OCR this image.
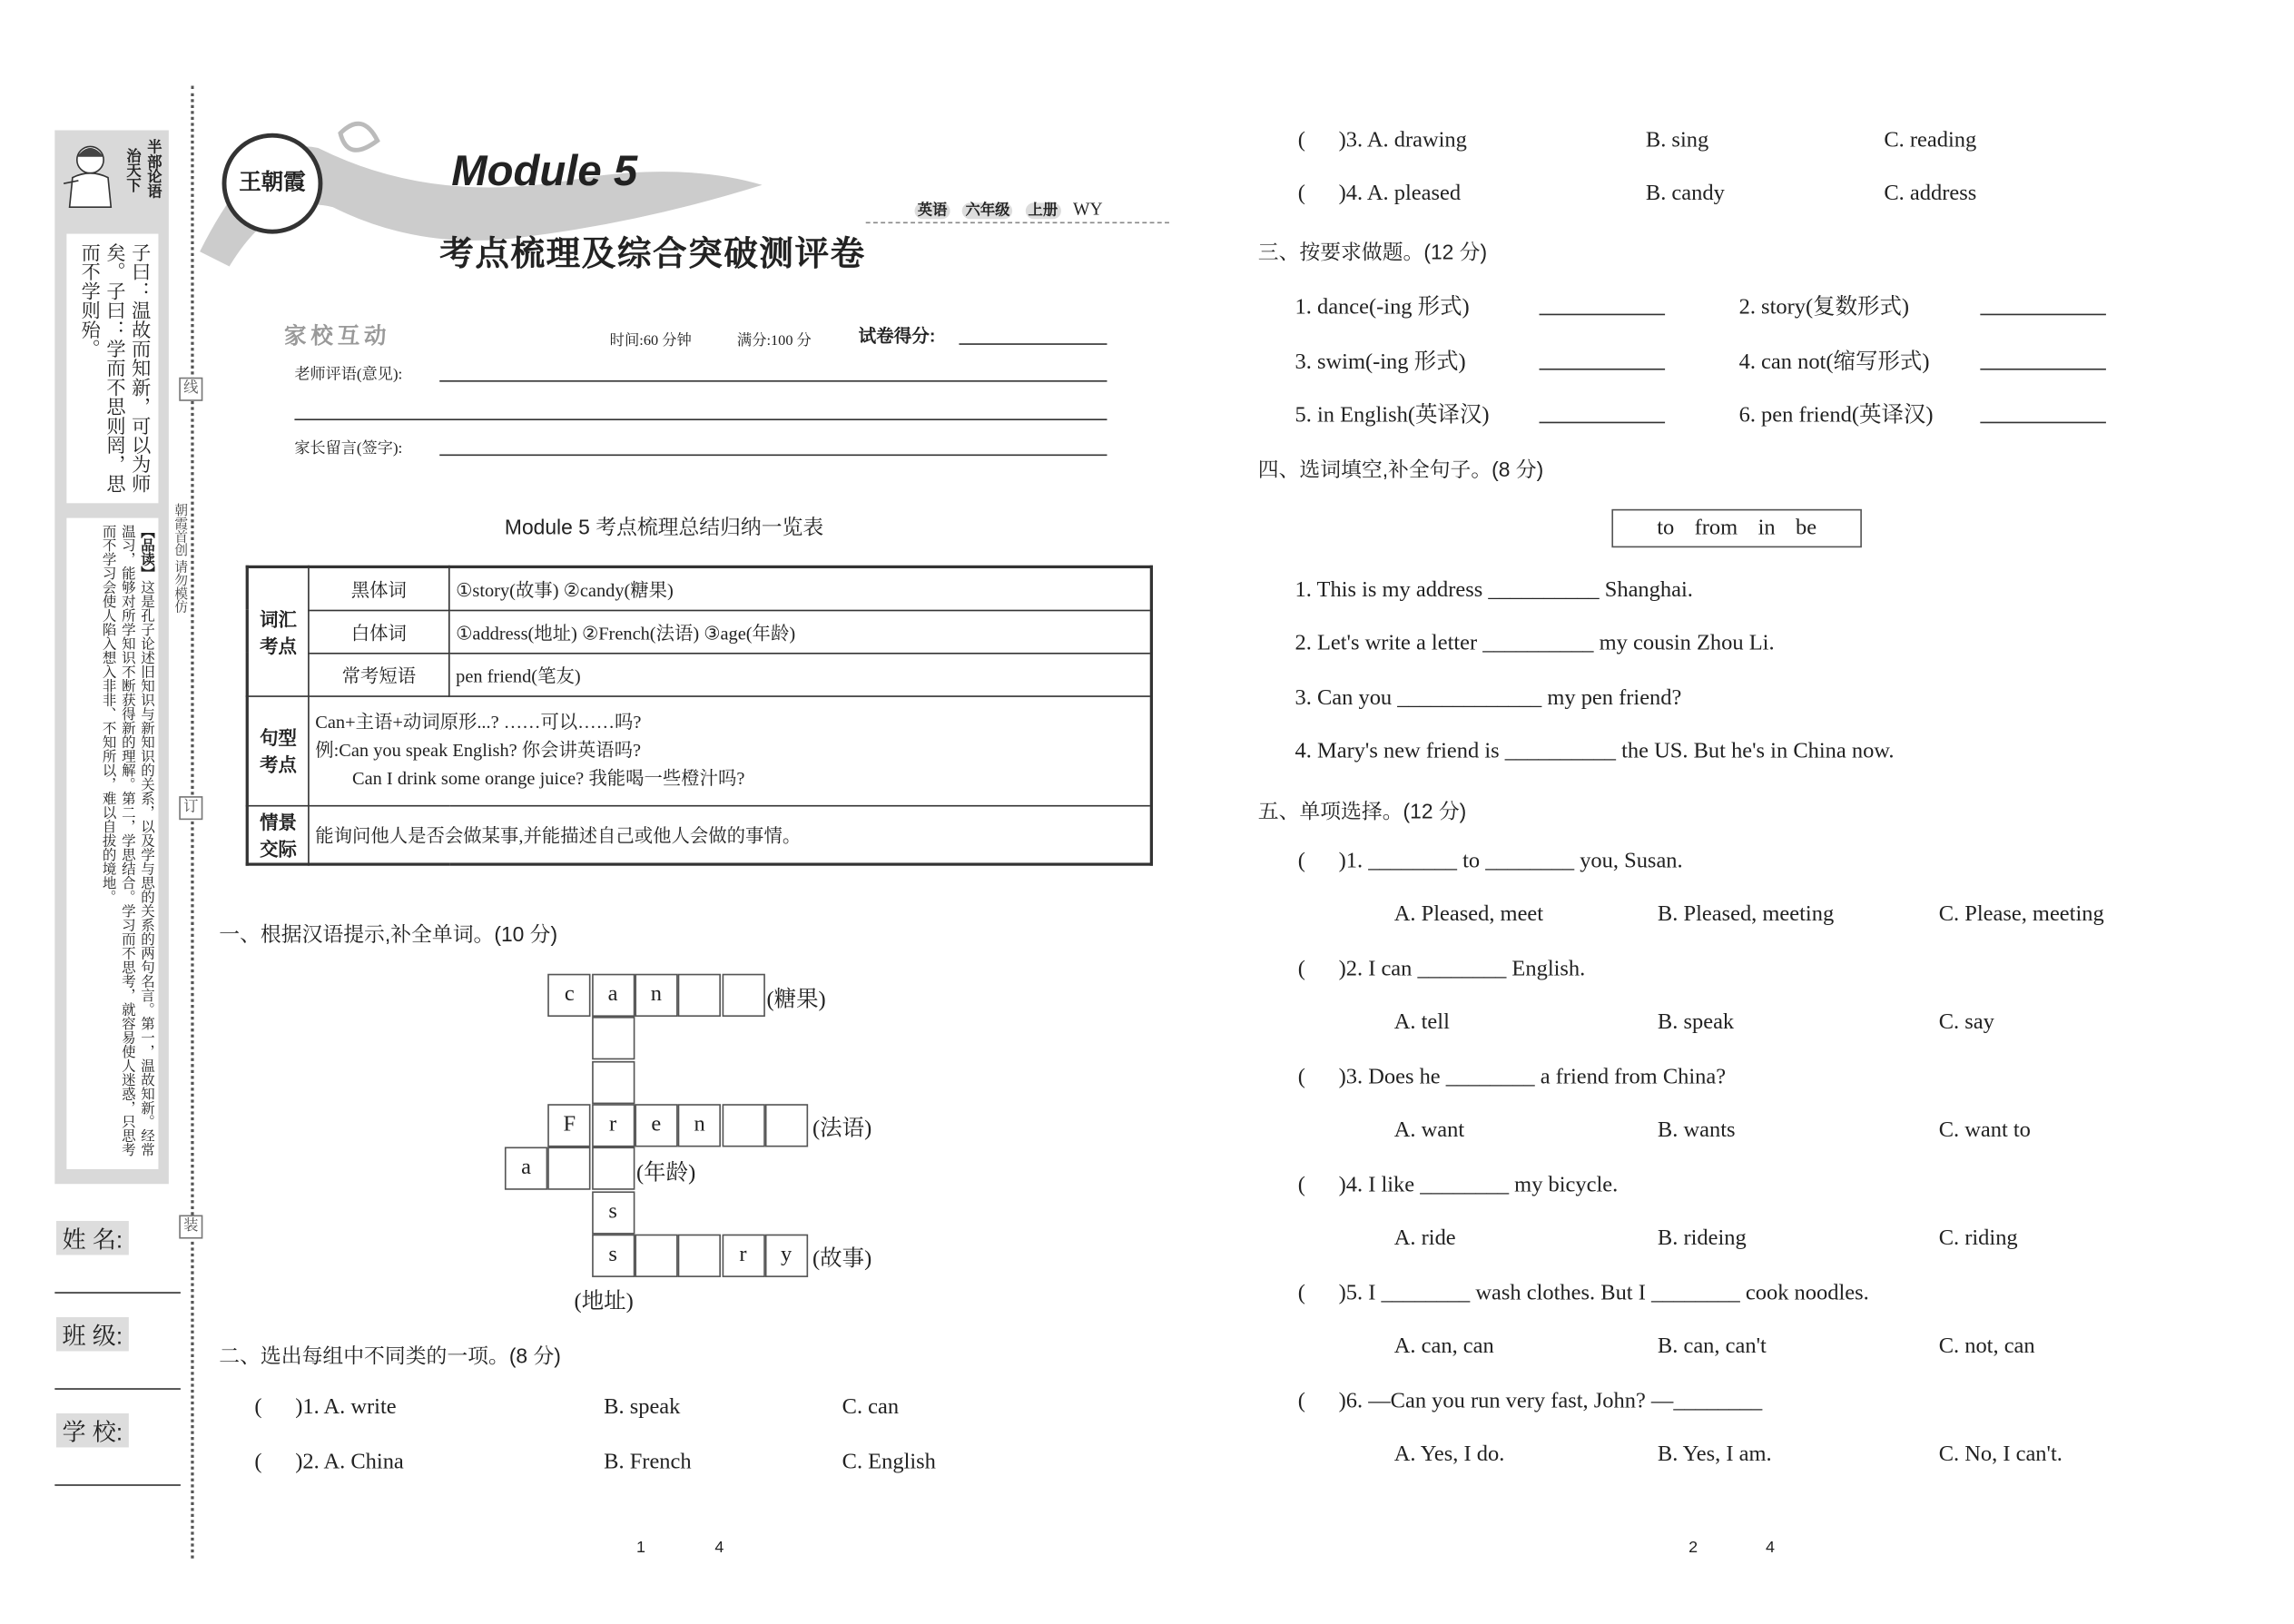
半部论语
治天下
子曰：温故而知新，可以为师矣。子曰：学而不思则罔，思而不学则殆。
【品读】这是孔子论述旧知识与新知识的关系，以及学与思的关系的两句名言。第一，温故知新。经常温习，能够对所学知识不断获得新的理解。第二，学思结合。学习而不思考，就容易使人迷惑，只思考而不学习会使人陷入想入非非、不知所以，难以自拔的境地。
姓 名:
班 级:
学 校:
线
订
装
朝霞首创 请勿模仿
王朝霞	Module 5
英语 六年级 上册 WY
考点梳理及综合突破测评卷
家校互动	时间:60 分钟	满分:100 分	试卷得分:
老师评语(意见):
家长留言(签字):
Module 5 考点梳理总结归纳一览表
词汇考点	黑体词	①story(故事) ②candy(糖果)
	白体词	①address(地址) ②French(法语) ③age(年龄)
	常考短语	pen friend(笔友)
句型考点	Can+主语+动词原形...? ……可以……吗?
例:Can you speak English? 你会讲英语吗?
Can I drink some orange juice? 我能喝一些橙汁吗?	

情景交际	能询问他人是否会做某事,并能描述自己或他人会做的事情。	
一、根据汉语提示,补全单词。(10 分)
c	a	n
F	r	e	n
a
s
s	r	y
(糖果)
(法语)
(年龄)
(故事)
(地址)
二、选出每组中不同类的一项。(8 分)
(      )1. A. write	B. speak	C. can
(      )2. A. China	B. French	C. English
1	4
(      )3. A. drawing	B. sing	C. reading
(      )4. A. pleased	B. candy	C. address
三、按要求做题。(12 分)
1. dance(-ing 形式)	2. story(复数形式)
3. swim(-ing 形式)	4. can not(缩写形式)
5. in English(英译汉)	6. pen friend(英译汉)
四、选词填空,补全句子。(8 分)
to from in be
1. This is my address __________ Shanghai.
2. Let's write a letter __________ my cousin Zhou Li.
3. Can you _____________ my pen friend?
4. Mary's new friend is __________ the US. But he's in China now.
五、单项选择。(12 分)
(      )1. ________ to ________ you, Susan.
A. Pleased, meet	B. Pleased, meeting	C. Please, meeting
(      )2. I can ________ English.
A. tell	B. speak	C. say
(      )3. Does he ________ a friend from China?
A. want	B. wants	C. want to
(      )4. I like ________ my bicycle.
A. ride	B. rideing	C. riding
(      )5. I ________ wash clothes. But I ________ cook noodles.
A. can, can	B. can, can't	C. not, can
(      )6. —Can you run very fast, John? —________
A. Yes, I do.	B. Yes, I am.	C. No, I can't.
2	4
